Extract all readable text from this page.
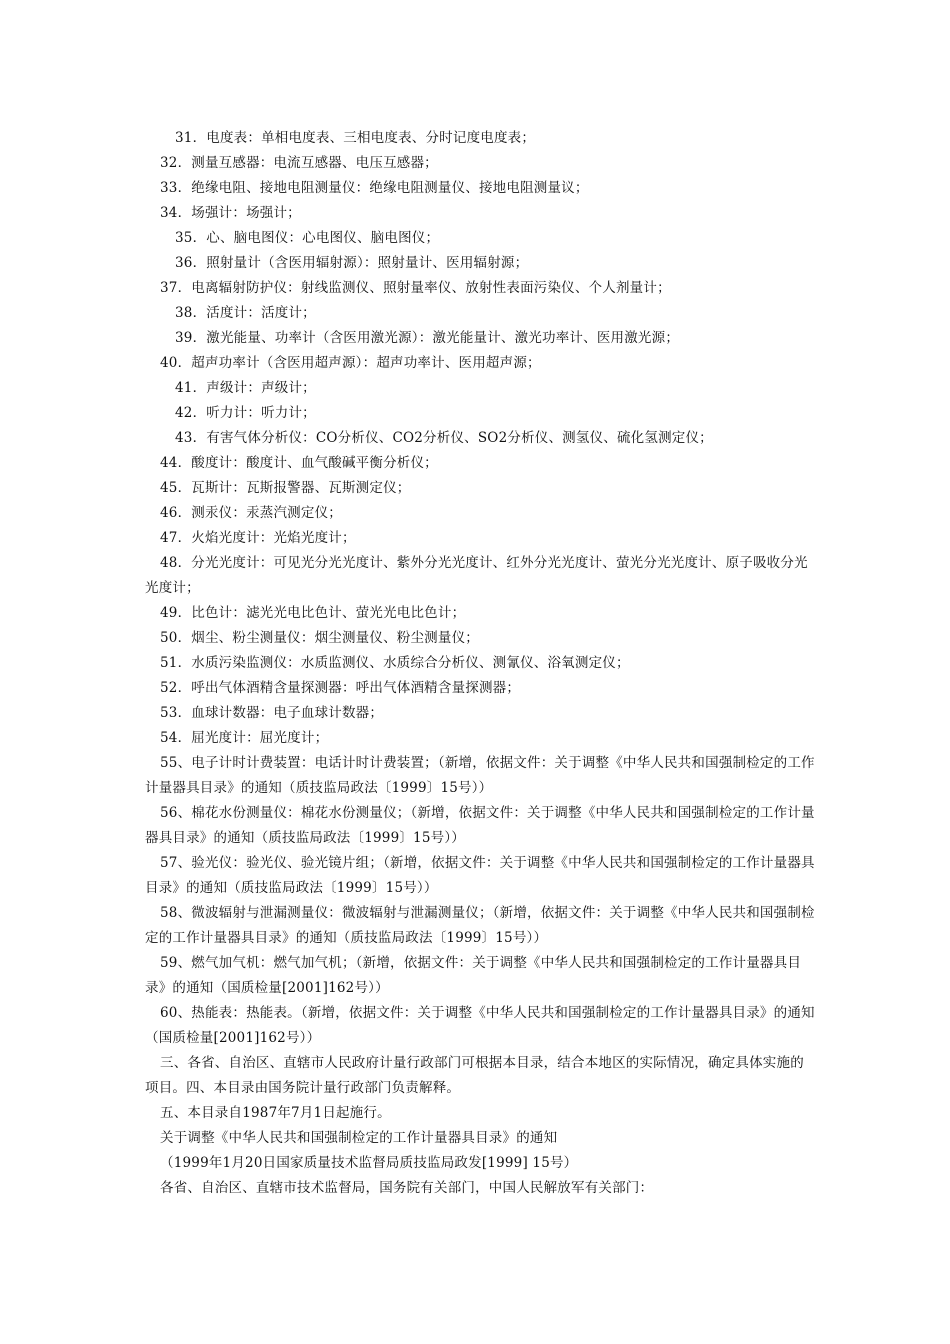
31．电度表：单相电度表、三相电度表、分时记度电度表；

32．测量互感器：电流互感器、电压互感器；

33．绝缘电阻、接地电阻测量仪：绝缘电阻测量仪、接地电阻测量议；

34．场强计：场强计；

35．心、脑电图仪：心电图仪、脑电图仪；

36．照射量计（含医用辐射源）：照射量计、医用辐射源；

37．电离辐射防护仪：射线监测仪、照射量率仪、放射性表面污染仪、个人剂量计；

38．活度计：活度计；

39．激光能量、功率计（含医用激光源）：激光能量计、激光功率计、医用激光源；

40．超声功率计（含医用超声源）：超声功率计、医用超声源；

41．声级计：声级计；

42．听力计：听力计；

43．有害气体分析仪：CO分析仪、CO2分析仪、SO2分析仪、测氢仪、硫化氢测定仪；

44．酸度计：酸度计、血气酸碱平衡分析仪；

45．瓦斯计：瓦斯报警器、瓦斯测定仪；

46．测汞仪：汞蒸汽测定仪；

47．火焰光度计：光焰光度计；

48．分光光度计：可见光分光光度计、紫外分光光度计、红外分光光度计、萤光分光光度计、原子吸收分光光度计；

49．比色计：滤光光电比色计、萤光光电比色计；

50．烟尘、粉尘测量仪：烟尘测量仪、粉尘测量仪；

51．水质污染监测仪：水质监测仪、水质综合分析仪、测氰仪、浴氧测定仪；

52．呼出气体酒精含量探测器：呼出气体酒精含量探测器；

53．血球计数器：电子血球计数器；

54．屈光度计：屈光度计；

55、电子计时计费装置：电话计时计费装置；（新增，依据文件：关于调整《中华人民共和国强制检定的工作计量器具目录》的通知（质技监局政法〔1999〕15号））

56、棉花水份测量仪：棉花水份测量仪；（新增，依据文件：关于调整《中华人民共和国强制检定的工作计量器具目录》的通知（质技监局政法〔1999〕15号））

57、验光仪：验光仪、验光镜片组；（新增，依据文件：关于调整《中华人民共和国强制检定的工作计量器具目录》的通知（质技监局政法〔1999〕15号））

58、微波辐射与泄漏测量仪：微波辐射与泄漏测量仪；（新增，依据文件：关于调整《中华人民共和国强制检定的工作计量器具目录》的通知（质技监局政法〔1999〕15号））

59、燃气加气机：燃气加气机；（新增，依据文件：关于调整《中华人民共和国强制检定的工作计量器具目录》的通知（国质检量[2001]162号））

60、热能表：热能表。（新增，依据文件：关于调整《中华人民共和国强制检定的工作计量器具目录》的通知（国质检量[2001]162号））

三、各省、自治区、直辖市人民政府计量行政部门可根据本目录，结合本地区的实际情况，确定具体实施的项目。四、本目录由国务院计量行政部门负责解释。

五、本目录自1987年7月1日起施行。

关于调整《中华人民共和国强制检定的工作计量器具目录》的通知

（1999年1月20日国家质量技术监督局质技监局政发[1999] 15号）

各省、自治区、直辖市技术监督局，国务院有关部门，中国人民解放军有关部门：
